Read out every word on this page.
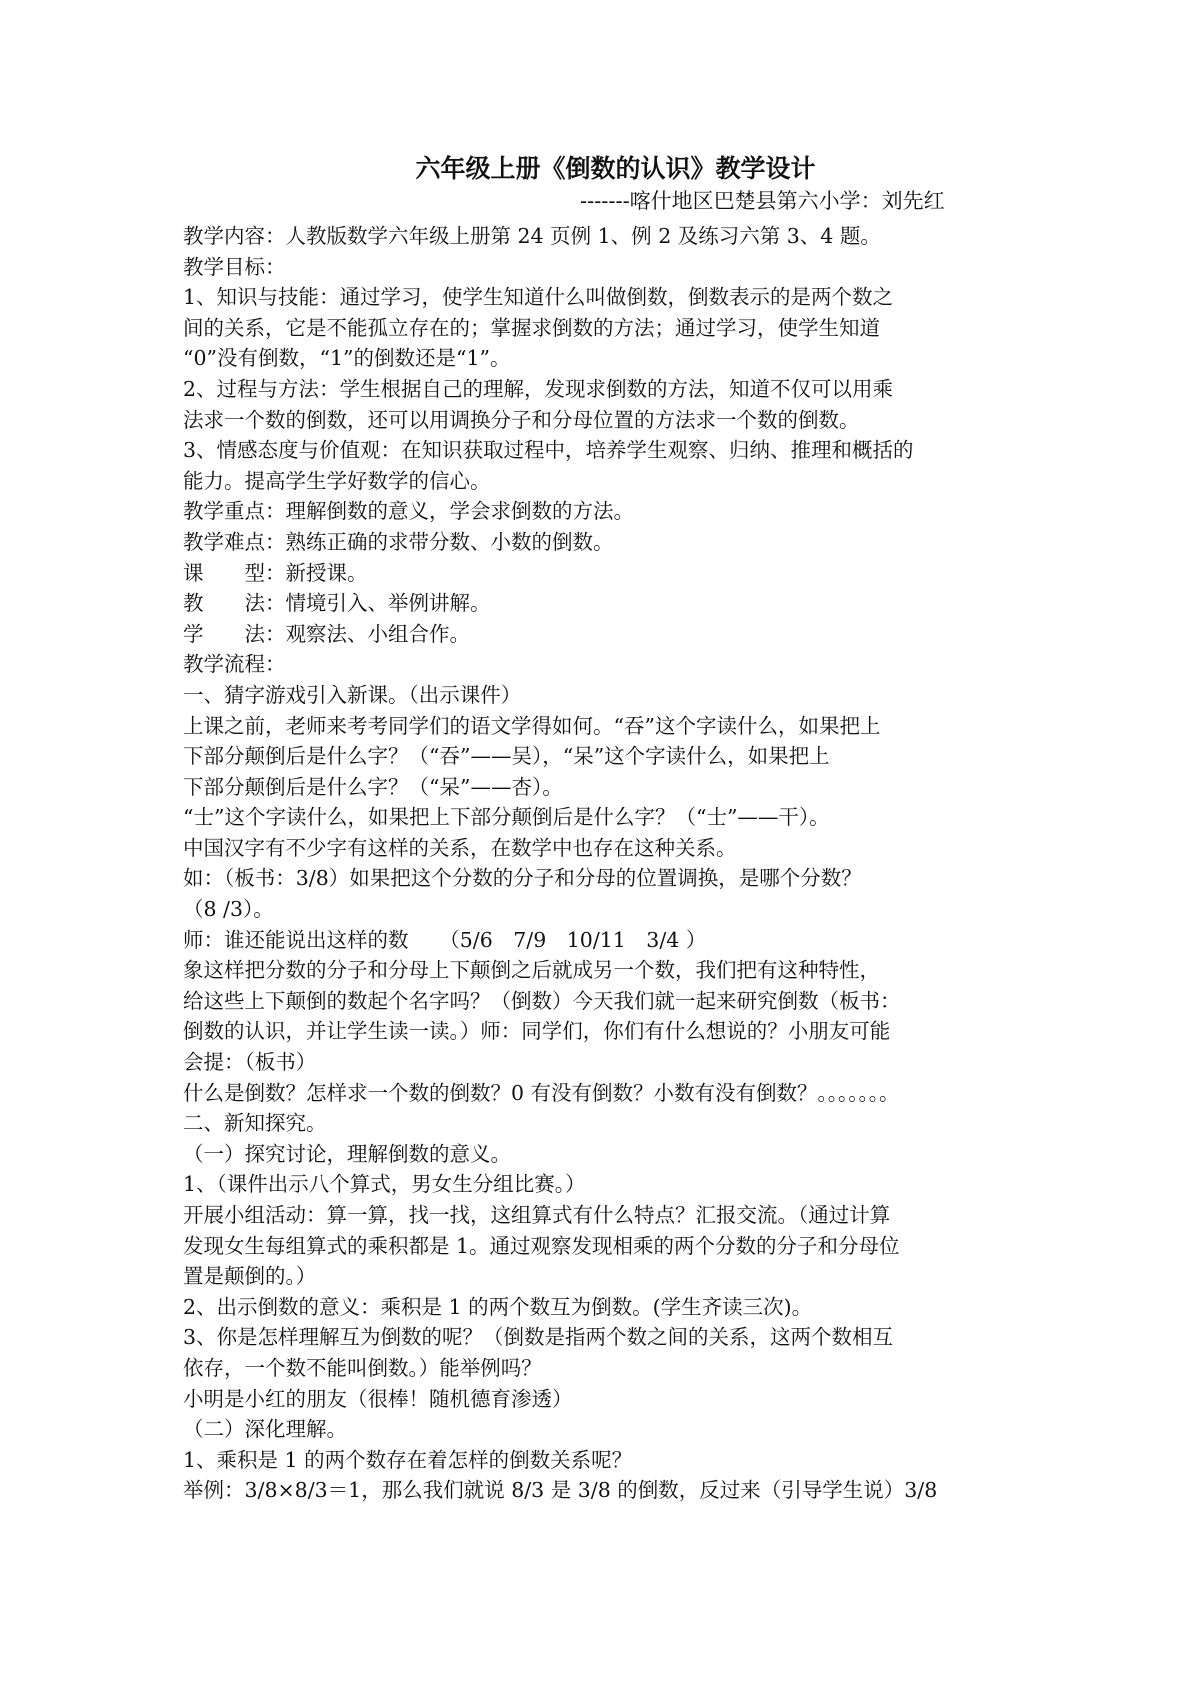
六年级上册《倒数的认识》教学设计
-------喀什地区巴楚县第六小学：刘先红

教学内容：人教版数学六年级上册第 24 页例 1、例 2 及练习六第 3、4 题。

教学目标：

1、知识与技能：通过学习，使学生知道什么叫做倒数，倒数表示的是两个数之

间的关系，它是不能孤立存在的；掌握求倒数的方法；通过学习，使学生知道

“0”没有倒数，“1”的倒数还是“1”。

2、过程与方法：学生根据自己的理解，发现求倒数的方法，知道不仅可以用乘

法求一个数的倒数，还可以用调换分子和分母位置的方法求一个数的倒数。

3、情感态度与价值观：在知识获取过程中，培养学生观察、归纳、推理和概括的

能力。提高学生学好数学的信心。

教学重点：理解倒数的意义，学会求倒数的方法。

教学难点：熟练正确的求带分数、小数的倒数。

课　　型：新授课。

教　　法：情境引入、举例讲解。

学　　法：观察法、小组合作。

教学流程：

一、猜字游戏引入新课。（出示课件）

上课之前，老师来考考同学们的语文学得如何。“吞”这个字读什么，如果把上

下部分颠倒后是什么字？（“吞”——吴），“呆”这个字读什么，如果把上

下部分颠倒后是什么字？（“呆”——杏）。

“士”这个字读什么，如果把上下部分颠倒后是什么字？（“士”——干）。

中国汉字有不少字有这样的关系，在数学中也存在这种关系。

如：（板书：3/8）如果把这个分数的分子和分母的位置调换，是哪个分数？

（8 /3）。

师：谁还能说出这样的数　　（5/6　7/9　10/11　3/4 ）

象这样把分数的分子和分母上下颠倒之后就成另一个数，我们把有这种特性，

给这些上下颠倒的数起个名字吗？（倒数）今天我们就一起来研究倒数（板书：

倒数的认识，并让学生读一读。）师：同学们，你们有什么想说的？小朋友可能

会提：（板书）

什么是倒数？怎样求一个数的倒数？0 有没有倒数？小数有没有倒数？。。。。。。。

二、新知探究。

（一）探究讨论，理解倒数的意义。

1、（课件出示八个算式，男女生分组比赛。）

开展小组活动：算一算，找一找，这组算式有什么特点？汇报交流。（通过计算

发现女生每组算式的乘积都是 1。通过观察发现相乘的两个分数的分子和分母位

置是颠倒的。）

2、出示倒数的意义：乘积是 1 的两个数互为倒数。(学生齐读三次)。

3、你是怎样理解互为倒数的呢？（倒数是指两个数之间的关系，这两个数相互

依存，一个数不能叫倒数。）能举例吗？

小明是小红的朋友（很棒！随机德育渗透）

（二）深化理解。

1、乘积是 1 的两个数存在着怎样的倒数关系呢？

举例：3/8×8/3＝1，那么我们就说 8/3 是 3/8 的倒数，反过来（引导学生说）3/8
